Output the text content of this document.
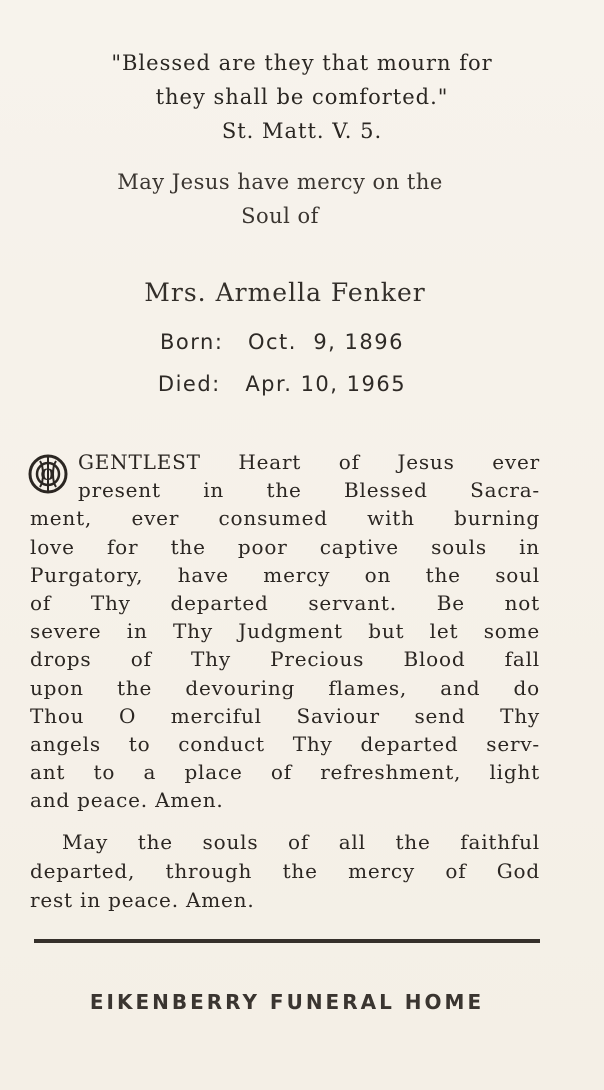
"Blessed are they that mourn for
they shall be comforted."
St. Matt. V. 5.
May Jesus have mercy on the
Soul of
Mrs. Armella Fenker
Born: Oct.  9, 1896
Died: Apr. 10, 1965
O
GENTLEST Heart of Jesus ever
present in the Blessed Sacra-
ment, ever consumed with burning
love for the poor captive souls in
Purgatory, have mercy on the soul
of Thy departed servant. Be not
severe in Thy Judgment but let some
drops of Thy Precious Blood fall
upon the devouring flames, and do
Thou O merciful Saviour send Thy
angels to conduct Thy departed serv-
ant to a place of refreshment, light
and peace. Amen.
May the souls of all the faithful
departed, through the mercy of God
rest in peace. Amen.
EIKENBERRY FUNERAL HOME
